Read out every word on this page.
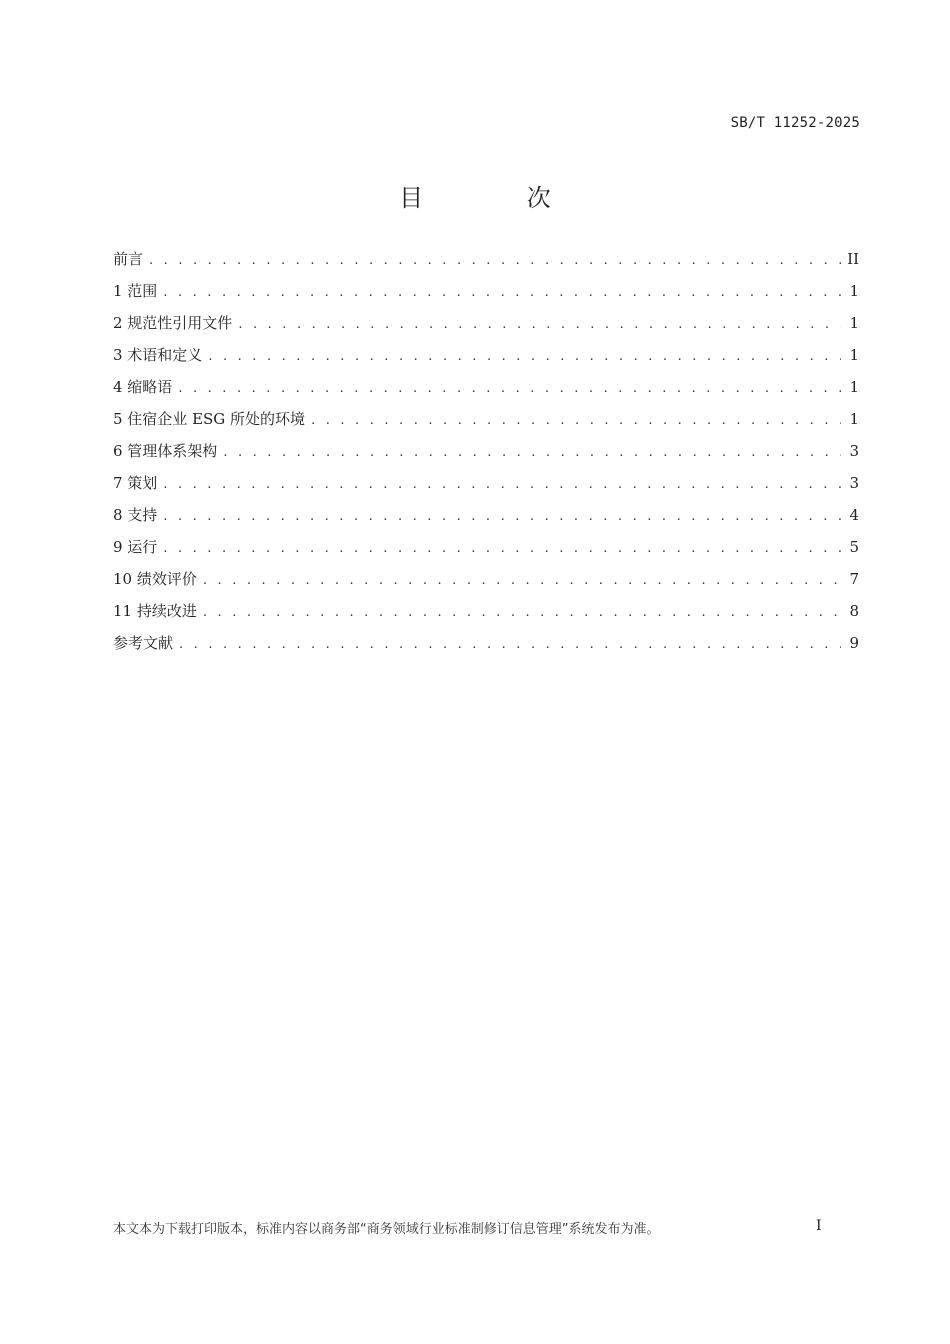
SB/T 11252-2025
目 次
前言 . . .	II
1 范围 . . .	1
2 规范性引用文件 . . .	1
3 术语和定义 . . .	1
4 缩略语 . . .	1
5 住宿企业 ESG 所处的环境 . . .	1
6 管理体系架构 . . .	3
7 策划 . . .	3
8 支持 . . .	4
9 运行 . . .	5
10 绩效评价 . . .	7
11 持续改进 . . .	8
参考文献 . . .	9
本文本为下载打印版本，标准内容以商务部“商务领域行业标准制修订信息管理”系统发布为准。	I
